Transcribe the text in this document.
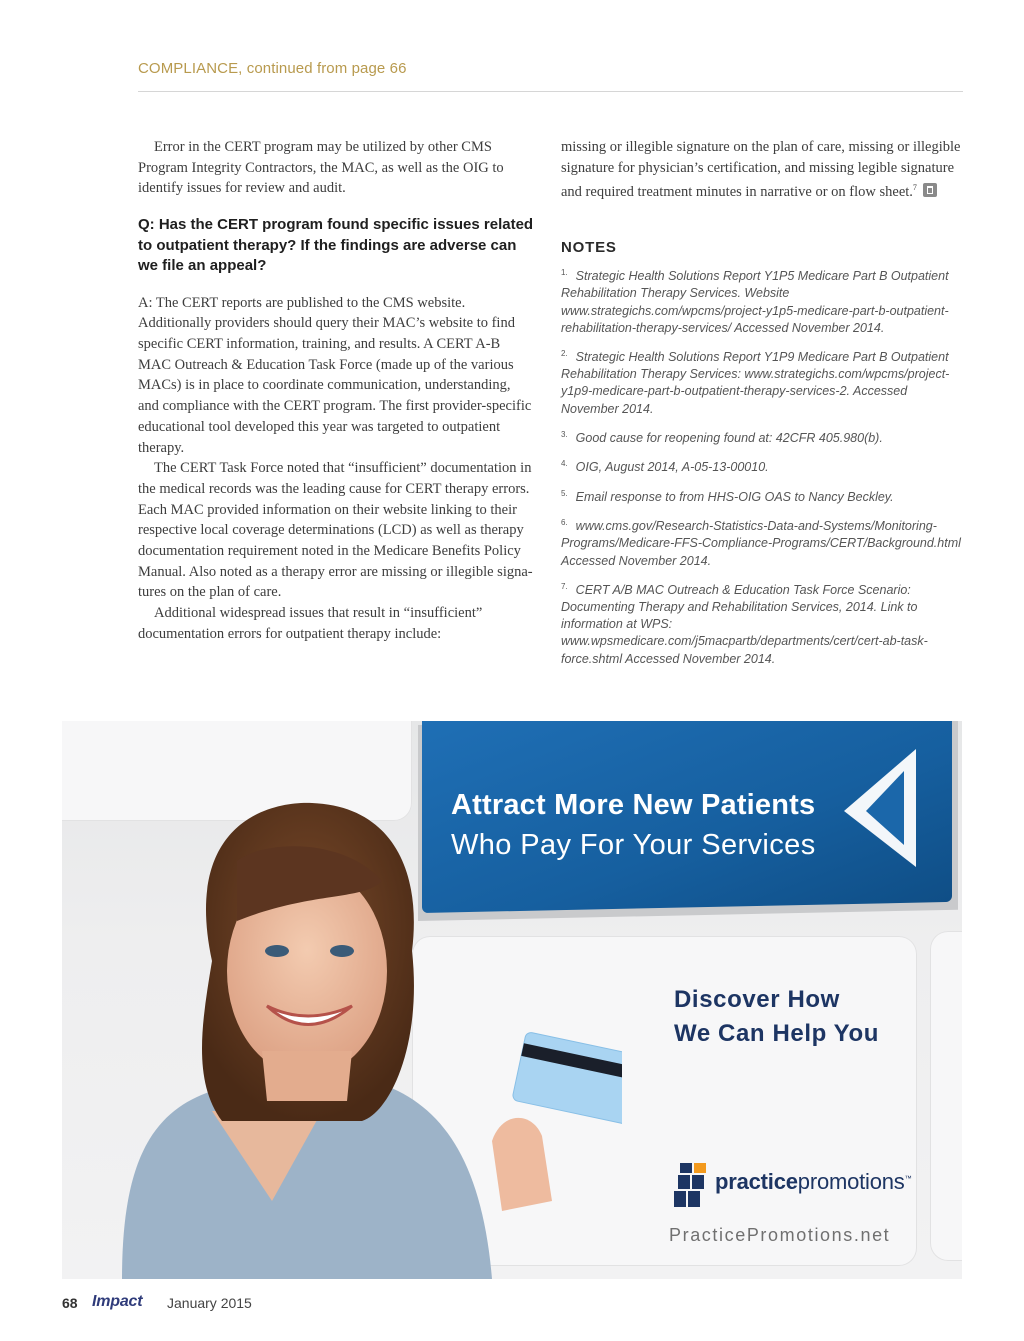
COMPLIANCE, continued from page 66

Error in the CERT program may be utilized by other CMS Program Integrity Contractors, the MAC, as well as the OIG to identify issues for review and audit.

Q: Has the CERT program found specific issues related to outpatient therapy? If the findings are adverse can we file an appeal?

A: The CERT reports are published to the CMS website. Additionally providers should query their MAC’s website to find specific CERT information, training, and results. A CERT A-B MAC Outreach & Education Task Force (made up of the various MACs) is in place to coordinate communication, understanding, and compliance with the CERT program. The first provider-specific educational tool developed this year was targeted to outpatient therapy.

The CERT Task Force noted that “insufficient” documentation in the medical records was the leading cause for CERT therapy errors. Each MAC provided information on their website linking to their respective local coverage determinations (LCD) as well as therapy documentation requirement noted in the Medicare Benefits Policy Manual. Also noted as a therapy error are missing or illegible signatures on the plan of care.

Additional widespread issues that result in “insufficient” documentation errors for outpatient therapy include:

missing or illegible signature on the plan of care, missing or illegible signature for physician’s certification, and missing legible signature and required treatment minutes in narrative or on flow sheet.$^7$

NOTES

$^{1.}$ Strategic Health Solutions Report Y1P5 Medicare Part B Outpatient Rehabilitation Therapy Services. Website www.strategichs.com/wpcms/project-y1p5-medicare-part-b-outpatient-rehabilitation-therapy-services/ Accessed November 2014.

$^{2.}$ Strategic Health Solutions Report Y1P9 Medicare Part B Outpatient Rehabilitation Therapy Services: www.strategichs.com/wpcms/project-y1p9-medicare-part-b-outpatient-therapy-services-2. Accessed November 2014.

$^{3.}$ Good cause for reopening found at: 42CFR 405.980(b).

$^{4.}$ OIG, August 2014, A-05-13-00010.

$^{5.}$ Email response to from HHS-OIG OAS to Nancy Beckley.

$^{6.}$ www.cms.gov/Research-Statistics-Data-and-Systems/Monitoring-Programs/Medicare-FFS-Compliance-Programs/CERT/Background.html Accessed November 2014.

$^{7.}$ CERT A/B MAC Outreach & Education Task Force Scenario: Documenting Therapy and Rehabilitation Services, 2014. Link to information at WPS: www.wpsmedicare.com/j5macpartb/departments/cert/cert-ab-task-force.shtml Accessed November 2014.

Attract More New Patients
Who Pay For Your Services
Discover How
We Can Help You
practicepromotions™
PracticePromotions.net
68 Impact January 2015
